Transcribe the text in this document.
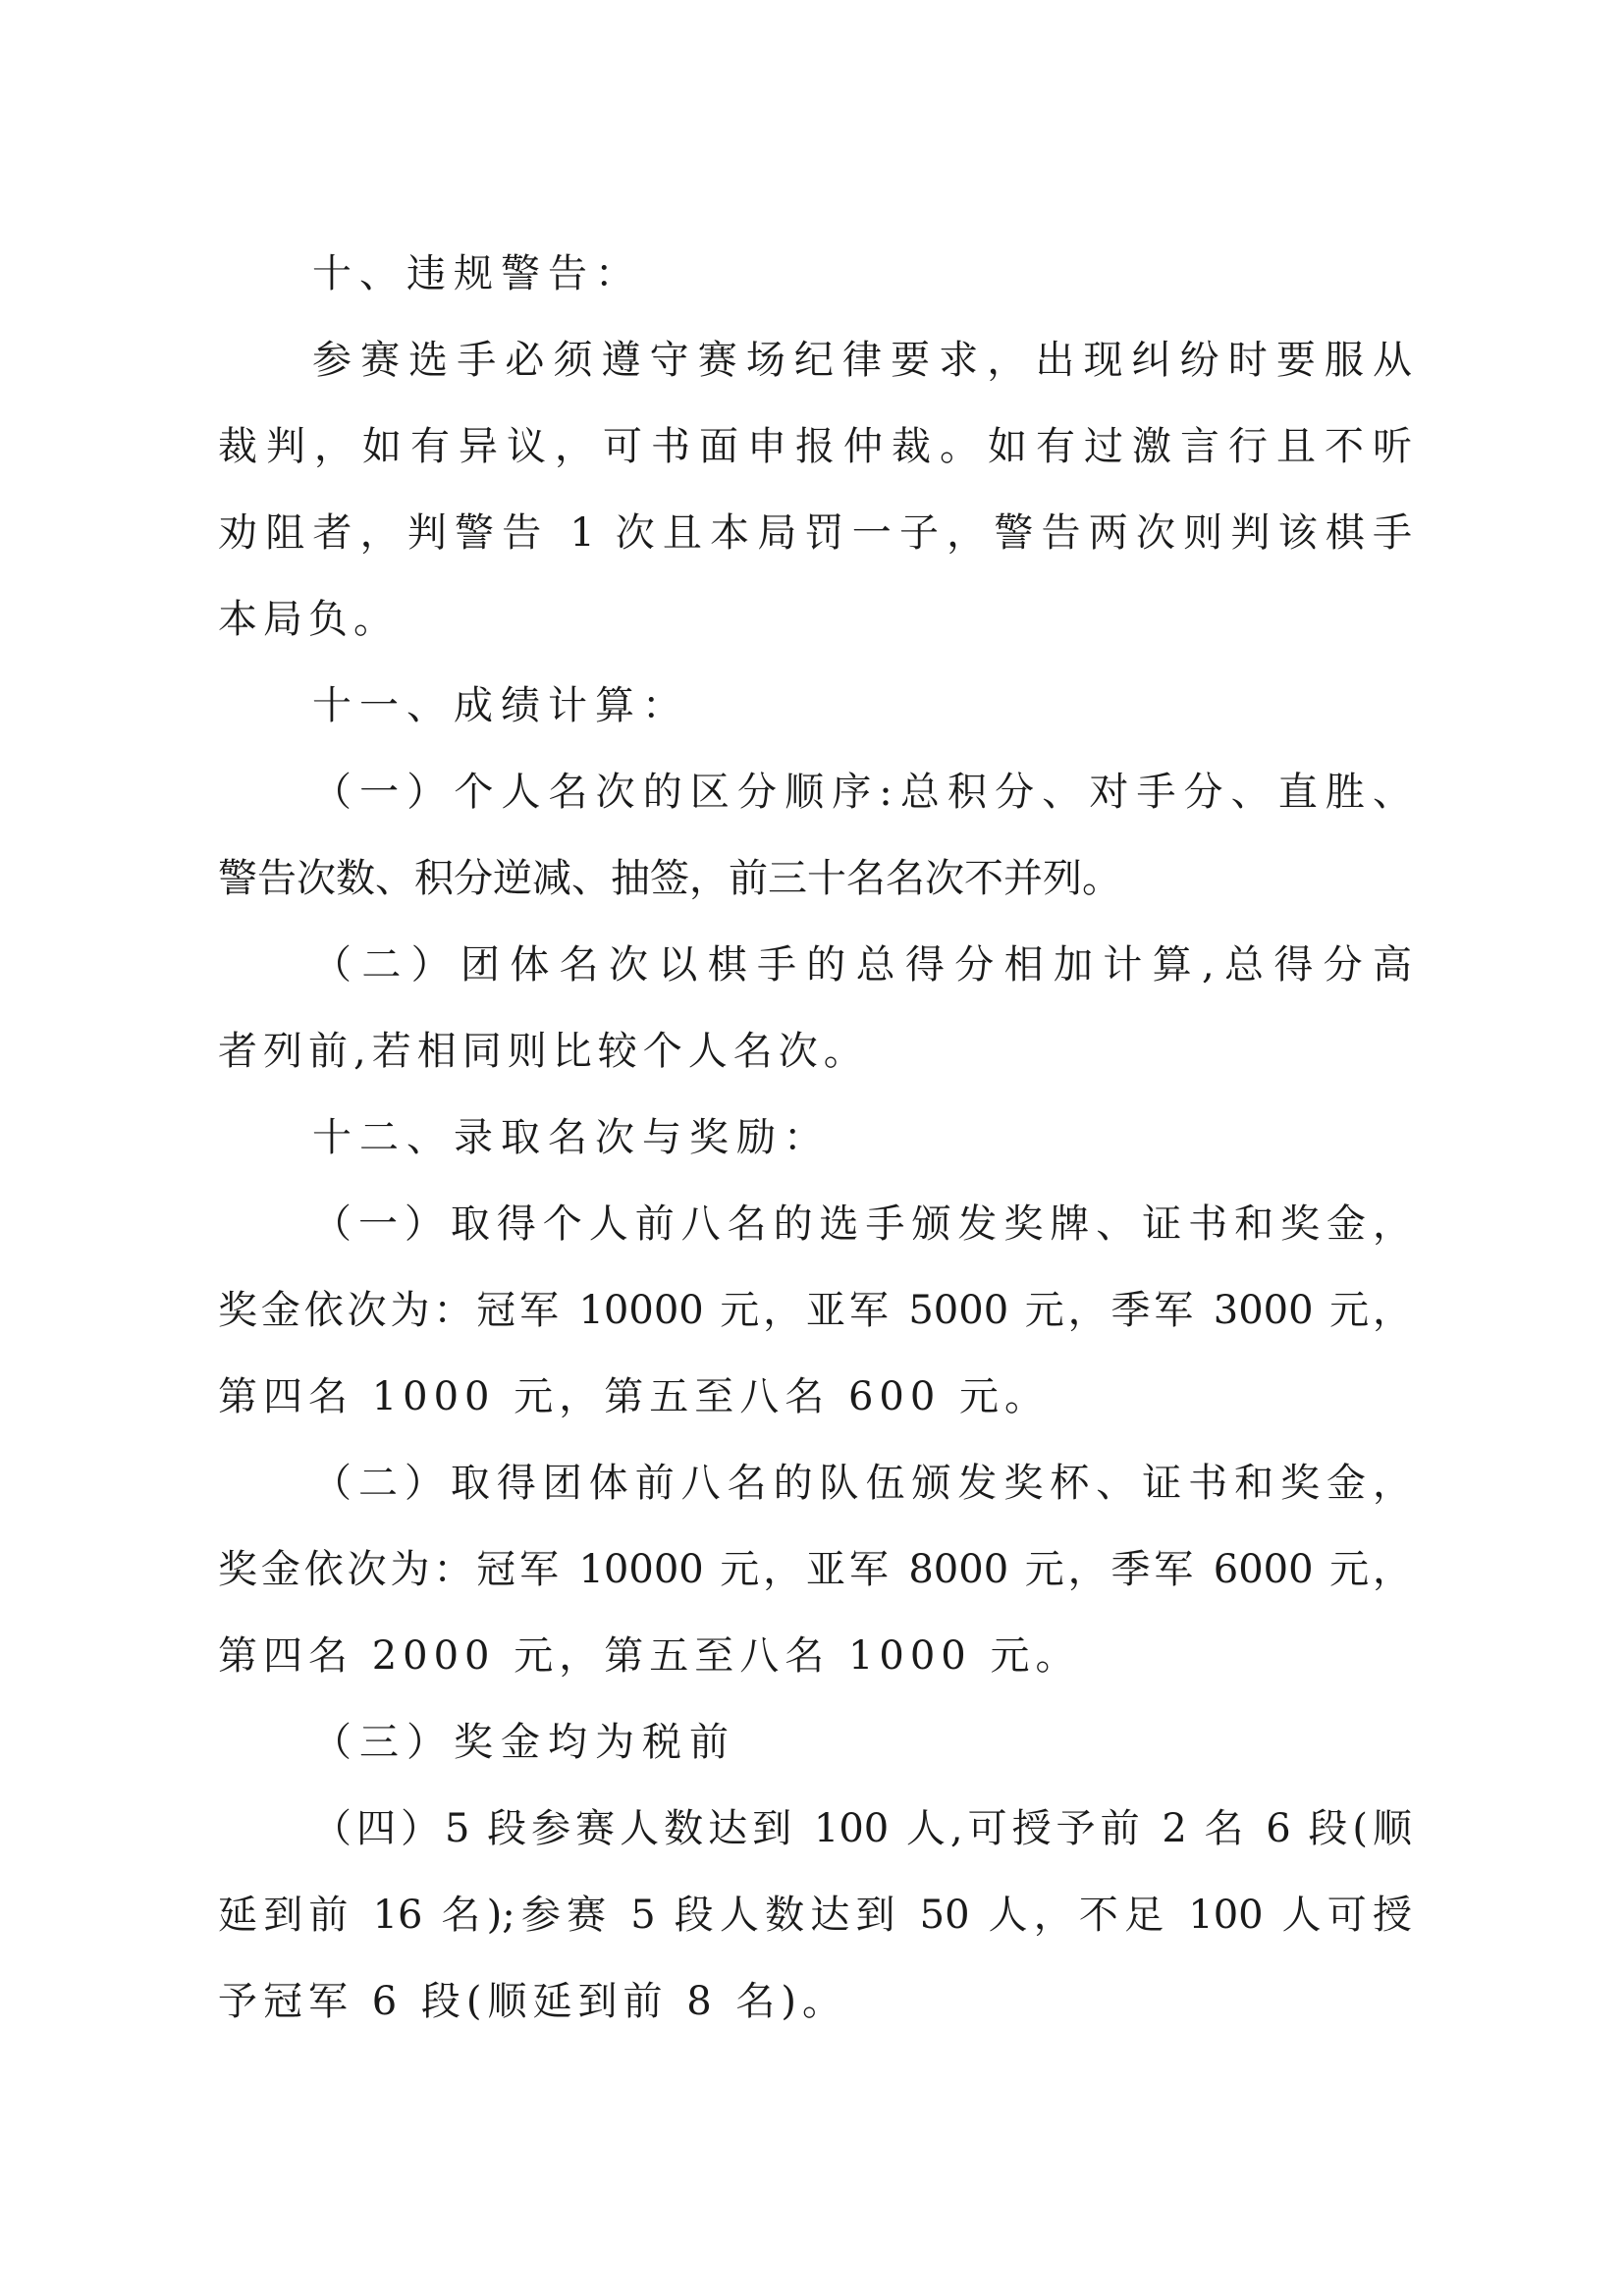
十、违规警告：
参赛选手必须遵守赛场纪律要求，出现纠纷时要服从
裁判，如有异议，可书面申报仲裁。如有过激言行且不听
劝阻者，判警告 1 次且本局罚一子，警告两次则判该棋手
本局负。
十一、成绩计算：
（一）个人名次的区分顺序:总积分、对手分、直胜、
警告次数、积分逆减、抽签，前三十名名次不并列。
（二）团体名次以棋手的总得分相加计算,总得分高
者列前,若相同则比较个人名次。
十二、录取名次与奖励：
（一）取得个人前八名的选手颁发奖牌、证书和奖金，
奖金依次为：冠军 10000 元，亚军 5000 元，季军 3000 元，
第四名 1000 元，第五至八名 600 元。
（二）取得团体前八名的队伍颁发奖杯、证书和奖金，
奖金依次为：冠军 10000 元，亚军 8000 元，季军 6000 元，
第四名 2000 元，第五至八名 1000 元。
（三）奖金均为税前
（四）5 段参赛人数达到 100 人,可授予前 2 名 6 段(顺
延到前 16 名);参赛 5 段人数达到 50 人，不足 100 人可授
予冠军 6 段(顺延到前 8 名)。
